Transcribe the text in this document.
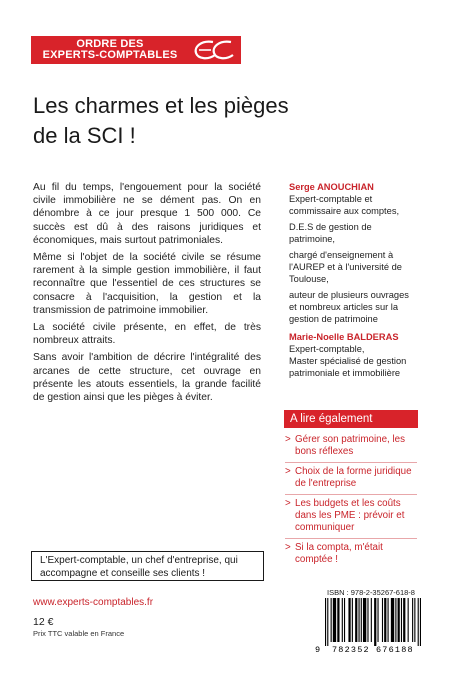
ORDRE DES
EXPERTS-COMPTABLES
Les charmes et les pièges
de la SCI !

Au fil du temps, l'engouement pour la société civile immobilière ne se dément pas. On en dénombre à ce jour presque 1 500 000. Ce succès est dû à des raisons juridiques et économiques, mais surtout patrimoniales.

Même si l'objet de la société civile se résume rarement à la simple gestion immobilière, il faut reconnaître que l'essentiel de ces structures se consacre à l'acquisition, la gestion et la transmission de patrimoine immobilier.

La société civile présente, en effet, de très nombreux attraits.

Sans avoir l'ambition de décrire l'intégralité des arcanes de cette structure, cet ouvrage en présente les atouts essentiels, la grande facilité de gestion ainsi que les pièges à éviter.

Serge ANOUCHIAN
Expert-comptable et commissaire aux comptes,
D.E.S de gestion de patrimoine,
chargé d'enseignement à l'AUREP et à l'université de Toulouse,
auteur de plusieurs ouvrages et nombreux articles sur la gestion de patrimoine
Marie-Noelle BALDERAS
Expert-comptable,
Master spécialisé de gestion patrimoniale et immobilière
A lire également
> Gérer son patrimoine, les bons réflexes
> Choix de la forme juridique de l'entreprise
> Les budgets et les coûts dans les PME : prévoir et communiquer
> Si la compta, m'était comptée !
L'Expert-comptable, un chef d'entreprise, qui accompagne et conseille ses clients !
www.experts-comptables.fr
12 €
Prix TTC valable en France
ISBN : 978-2-35267-618-8
9 782352 676188
